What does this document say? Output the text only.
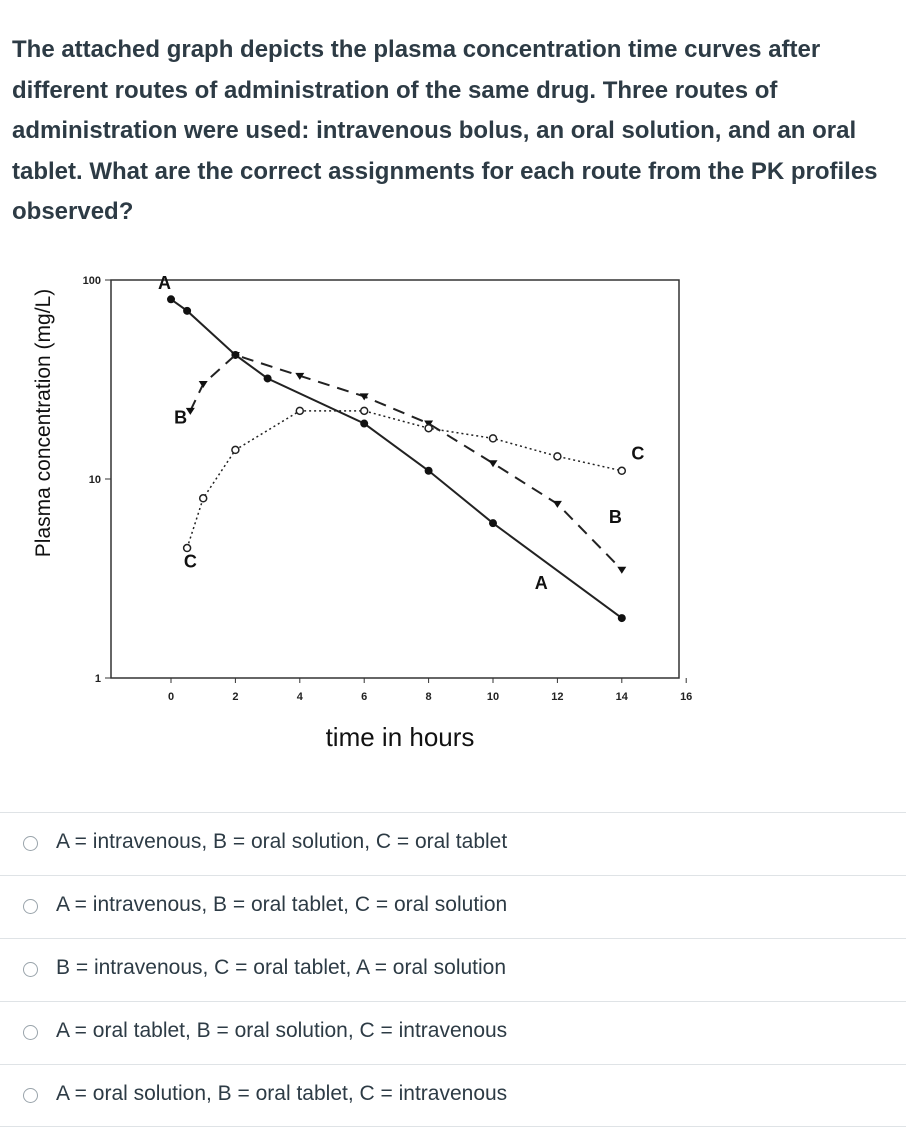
The attached graph depicts the plasma concentration time curves after different routes of administration of the same drug. Three routes of administration were used: intravenous bolus, an oral solution, and an oral tablet. What are the correct assignments for each route from the PK profiles observed?
Plasma concentration (mg/L)
time in hours
0	2	4	6	8	10	12	14	16
1
10
100	A
B
C
C
B
A
A = intravenous, B = oral solution, C = oral tablet
A = intravenous, B = oral tablet, C = oral solution
B = intravenous, C = oral tablet, A = oral solution
A = oral tablet, B = oral solution, C = intravenous
A = oral solution, B = oral tablet, C = intravenous
